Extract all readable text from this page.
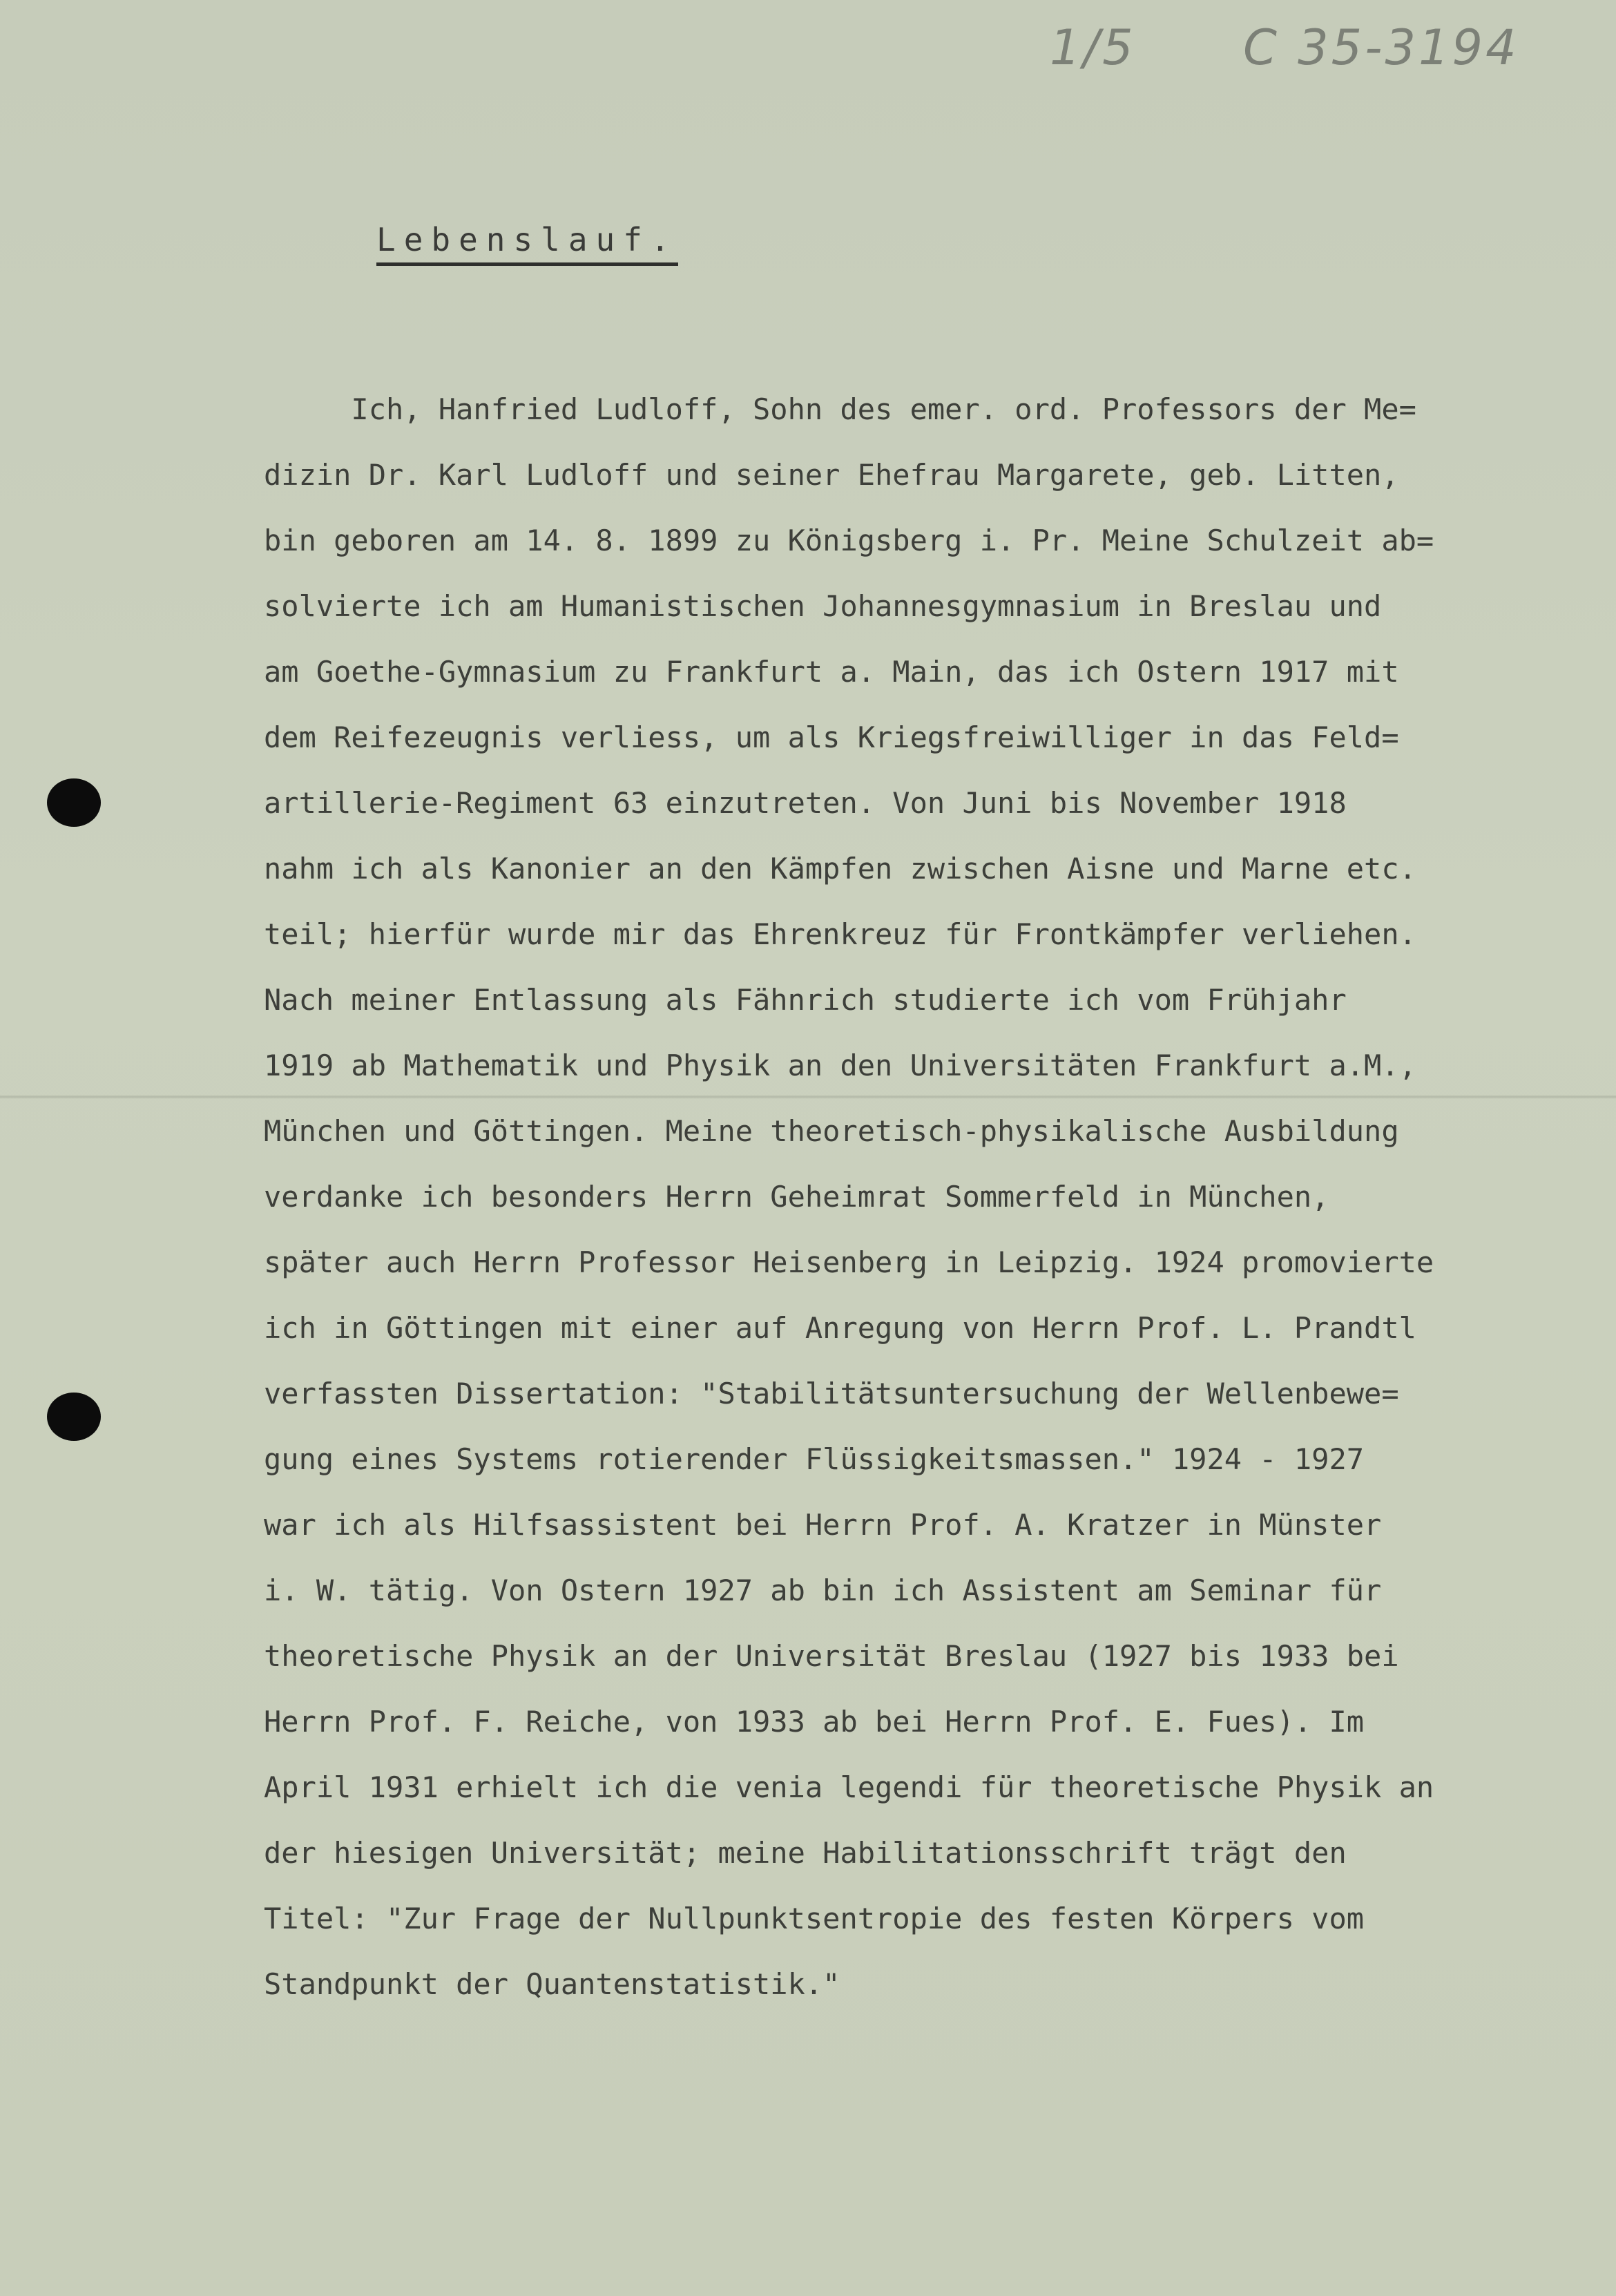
1/5 C 35-3194
Lebenslauf.
Ich, Hanfried Ludloff, Sohn des emer. ord. Professors der Me=
dizin Dr. Karl Ludloff und seiner Ehefrau Margarete, geb. Litten,
bin geboren am 14. 8. 1899 zu Königsberg i. Pr. Meine Schulzeit ab=
solvierte ich am Humanistischen Johannesgymnasium in Breslau und
am Goethe-Gymnasium zu Frankfurt a. Main, das ich Ostern 1917 mit
dem Reifezeugnis verliess, um als Kriegsfreiwilliger in das Feld=
artillerie-Regiment 63 einzutreten. Von Juni bis November 1918
nahm ich als Kanonier an den Kämpfen zwischen Aisne und Marne etc.
teil; hierfür wurde mir das Ehrenkreuz für Frontkämpfer verliehen.
Nach meiner Entlassung als Fähnrich studierte ich vom Frühjahr
1919 ab Mathematik und Physik an den Universitäten Frankfurt a.M.,
München und Göttingen. Meine theoretisch-physikalische Ausbildung
verdanke ich besonders Herrn Geheimrat Sommerfeld in München,
später auch Herrn Professor Heisenberg in Leipzig. 1924 promovierte
ich in Göttingen mit einer auf Anregung von Herrn Prof. L. Prandtl
verfassten Dissertation: "Stabilitätsuntersuchung der Wellenbewe=
gung eines Systems rotierender Flüssigkeitsmassen." 1924 - 1927
war ich als Hilfsassistent bei Herrn Prof. A. Kratzer in Münster
i. W. tätig. Von Ostern 1927 ab bin ich Assistent am Seminar für
theoretische Physik an der Universität Breslau (1927 bis 1933 bei
Herrn Prof. F. Reiche, von 1933 ab bei Herrn Prof. E. Fues). Im
April 1931 erhielt ich die venia legendi für theoretische Physik an
der hiesigen Universität; meine Habilitationsschrift trägt den
Titel: "Zur Frage der Nullpunktsentropie des festen Körpers vom
Standpunkt der Quantenstatistik."
